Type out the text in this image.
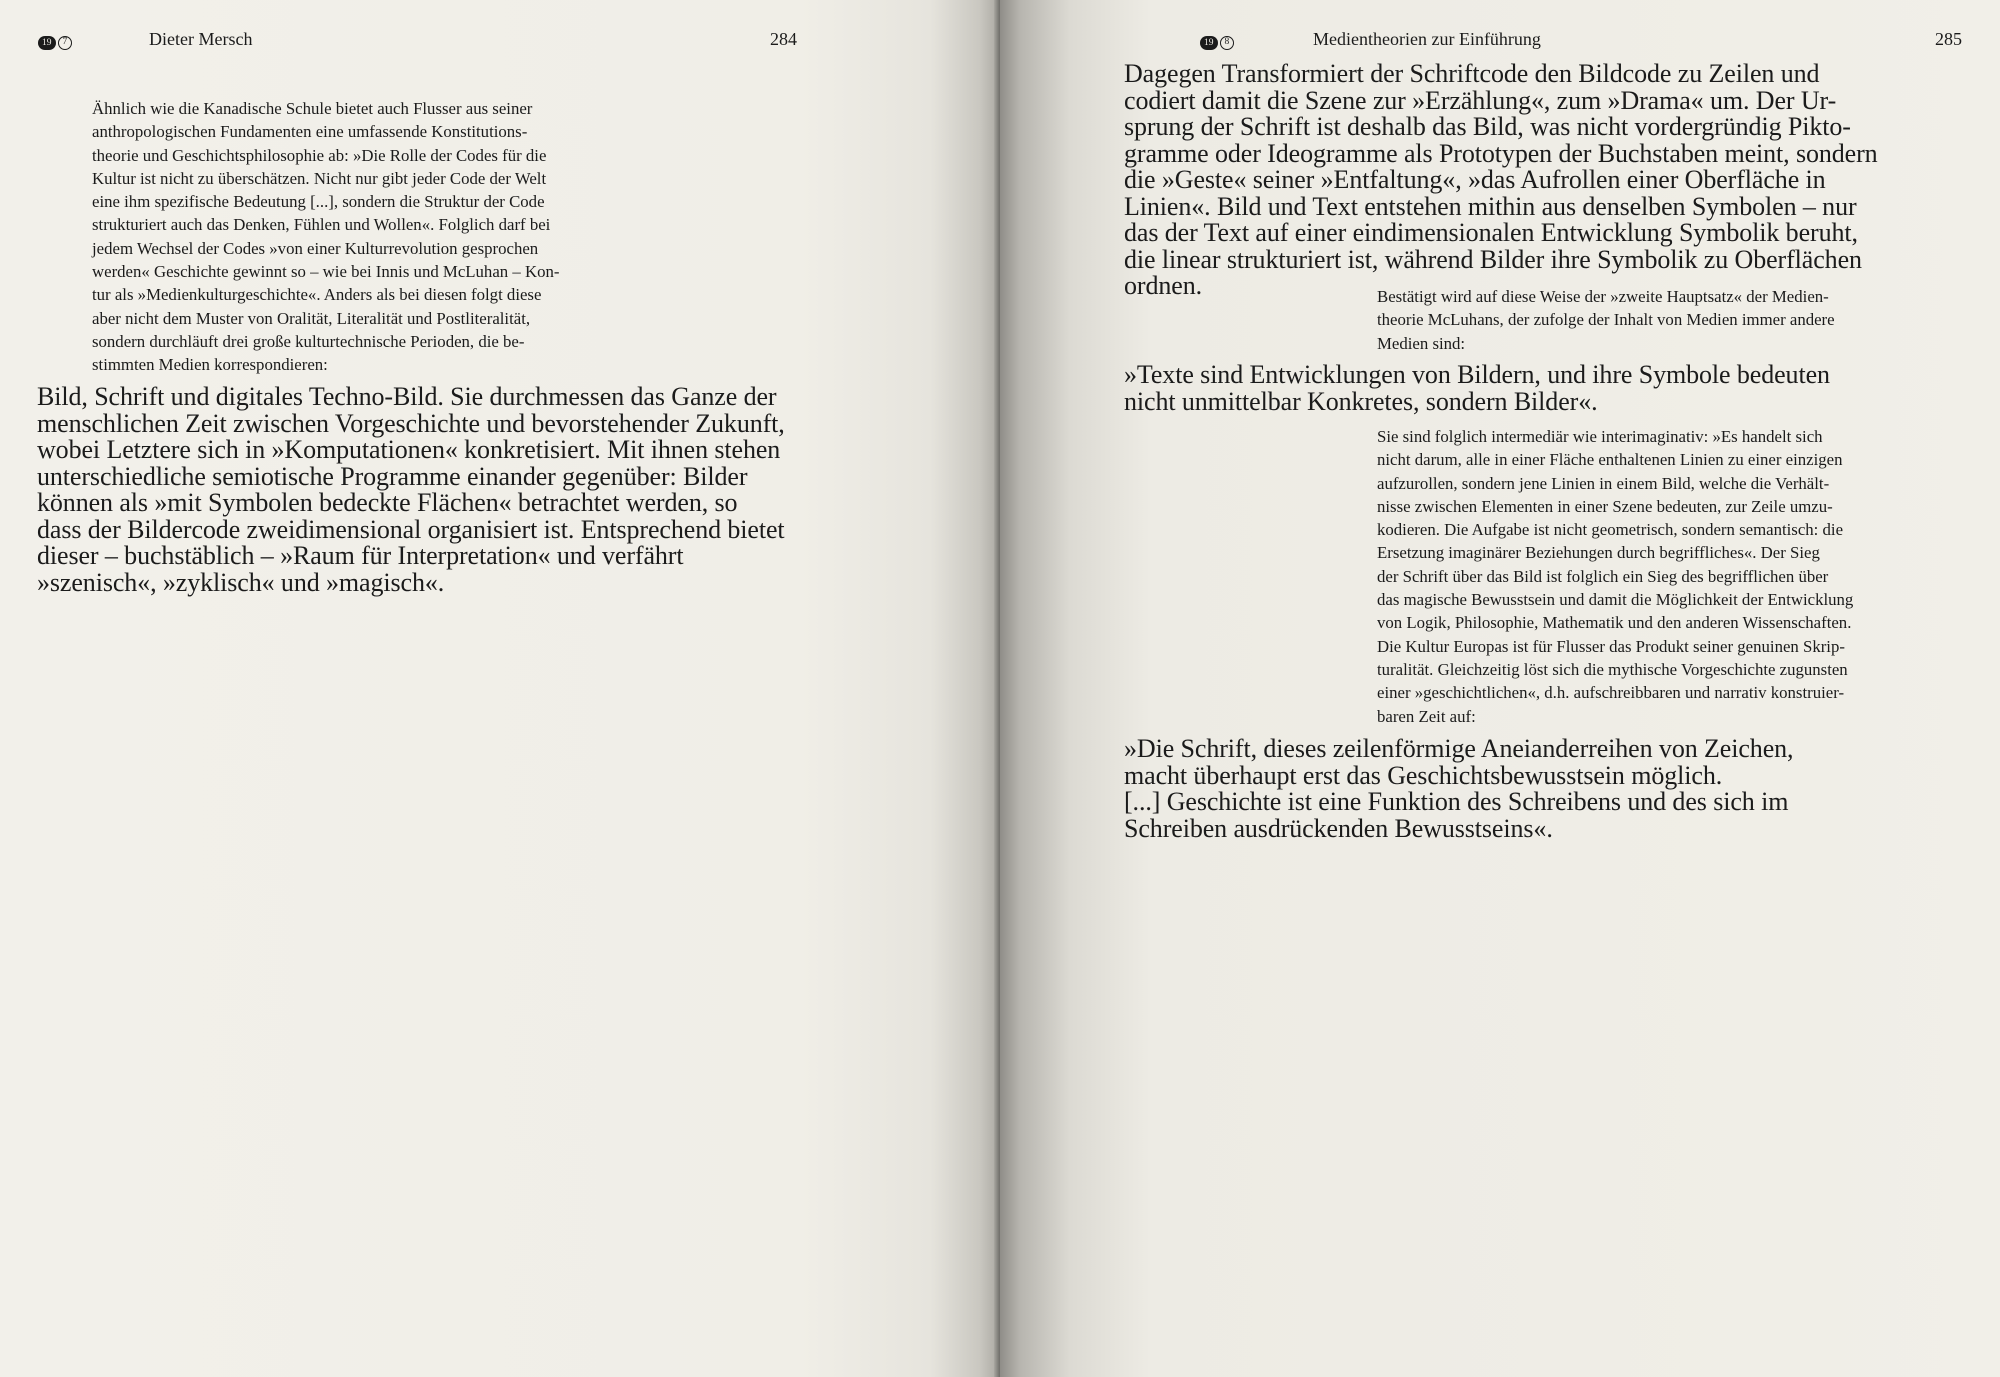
19	7	Dieter Mersch	284
Ähnlich wie die Kanadische Schule bietet auch Flusser aus seiner
anthropologischen Fundamenten eine umfassende Konstitutions-
theorie und Geschichtsphilosophie ab: »Die Rolle der Codes für die
Kultur ist nicht zu überschätzen. Nicht nur gibt jeder Code der Welt
eine ihm spezifische Bedeutung [...], sondern die Struktur der Code
strukturiert auch das Denken, Fühlen und Wollen«. Folglich darf bei
jedem Wechsel der Codes »von einer Kulturrevolution gesprochen
werden« Geschichte gewinnt so – wie bei Innis und McLuhan – Kon-
tur als »Medienkulturgeschichte«. Anders als bei diesen folgt diese
aber nicht dem Muster von Oralität, Literalität und Postliteralität,
sondern durchläuft drei große kulturtechnische Perioden, die be-
stimmten Medien korrespondieren:
Bild, Schrift und digitales Techno-Bild. Sie durchmessen das Ganze der
menschlichen Zeit zwischen Vorgeschichte und bevorstehender Zukunft,
wobei Letztere sich in »Komputationen« konkretisiert. Mit ihnen stehen
unterschiedliche semiotische Programme einander gegenüber: Bilder
können als »mit Symbolen bedeckte Flächen« betrachtet werden, so
dass der Bildercode zweidimensional organisiert ist. Entsprechend bietet
dieser – buchstäblich – »Raum für Interpretation« und verfährt
»szenisch«, »zyklisch« und »magisch«.
19	8	Medientheorien zur Einführung	285
Dagegen Transformiert der Schriftcode den Bildcode zu Zeilen und
codiert damit die Szene zur »Erzählung«, zum »Drama« um. Der Ur-
sprung der Schrift ist deshalb das Bild, was nicht vordergründig Pikto-
gramme oder Ideogramme als Prototypen der Buchstaben meint, sondern
die »Geste« seiner »Entfaltung«, »das Aufrollen einer Oberfläche in
Linien«. Bild und Text entstehen mithin aus denselben Symbolen – nur
das der Text auf einer eindimensionalen Entwicklung Symbolik beruht,
die linear strukturiert ist, während Bilder ihre Symbolik zu Oberflächen
ordnen.	Bestätigt wird auf diese Weise der »zweite Hauptsatz« der Medien-
theorie McLuhans, der zufolge der Inhalt von Medien immer andere
Medien sind:
»Texte sind Entwicklungen von Bildern, und ihre Symbole bedeuten
nicht unmittelbar Konkretes, sondern Bilder«.
Sie sind folglich intermediär wie interimaginativ: »Es handelt sich
nicht darum, alle in einer Fläche enthaltenen Linien zu einer einzigen
aufzurollen, sondern jene Linien in einem Bild, welche die Verhält-
nisse zwischen Elementen in einer Szene bedeuten, zur Zeile umzu-
kodieren. Die Aufgabe ist nicht geometrisch, sondern semantisch: die
Ersetzung imaginärer Beziehungen durch begriffliches«. Der Sieg
der Schrift über das Bild ist folglich ein Sieg des begrifflichen über
das magische Bewusstsein und damit die Möglichkeit der Entwicklung
von Logik, Philosophie, Mathematik und den anderen Wissenschaften.
Die Kultur Europas ist für Flusser das Produkt seiner genuinen Skrip-
turalität. Gleichzeitig löst sich die mythische Vorgeschichte zugunsten
einer »geschichtlichen«, d.h. aufschreibbaren und narrativ konstruier-
baren Zeit auf:
»Die Schrift, dieses zeilenförmige Aneianderreihen von Zeichen,
macht überhaupt erst das Geschichtsbewusstsein möglich.
[...] Geschichte ist eine Funktion des Schreibens und des sich im
Schreiben ausdrückenden Bewusstseins«.
